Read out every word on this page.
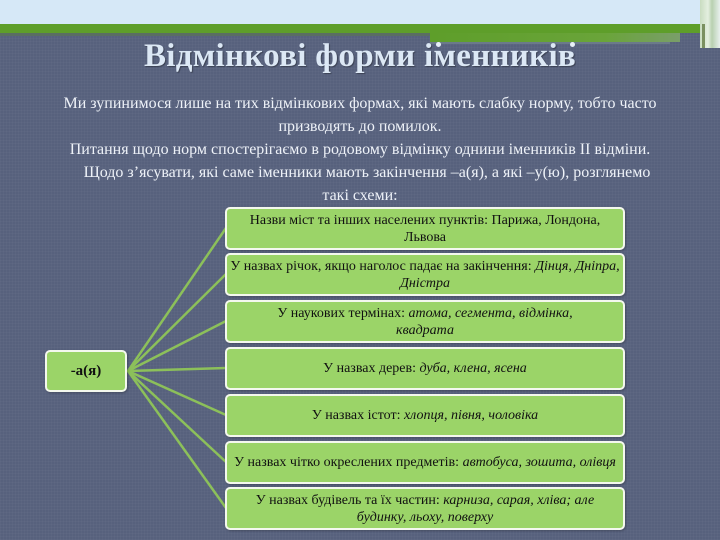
Відмінкові форми іменників

Ми зупинимося лише на тих відмінкових формах, які мають слабку норму, тобто часто

призводять до помилок.

Питання щодо норм спостерігаємо в родовому відмінку однини іменників ІІ відміни.

Щодо з’ясувати, які саме іменники мають закінчення –а(я), а які –у(ю), розглянемо

такі схеми:

-а(я)
Назви міст та інших населених пунктів: Парижа, Лондона, Львова
У назвах річок, якщо наголос падає на закінчення: Дінця, Дніпра, Дністра
У наукових термінах: атома, сегмента, відмінка, квадрата
У назвах дерев: дуба, клена, ясена
У назвах істот: хлопця, півня, чоловіка
У назвах чітко окреслених предметів: автобуса, зошита, олівця
У назвах будівель та їх частин: карниза, сарая, хліва; але будинку, льоху, поверху
